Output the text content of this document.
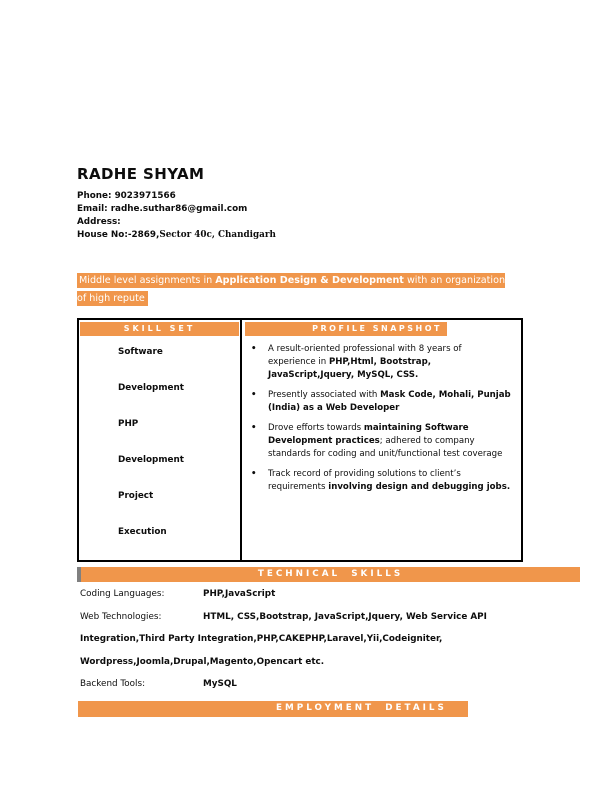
RADHE SHYAM
Phone: 9023971566
Email: radhe.suthar86@gmail.com
Address:
House No:-2869,Sector 40c, Chandigarh
Middle level assignments in Application Design & Development with an organization of high repute
SKILL SET
Software
Development
PHP
Development
Project
Execution
PROFILE SNAPSHOT
•	A result-oriented professional with 8 years of experience in PHP,Html, Bootstrap, JavaScript,Jquery, MySQL, CSS.
•	Presently associated with Mask Code, Mohali, Punjab (India) as a Web Developer
•	Drove efforts towards maintaining Software Development practices; adhered to company standards for coding and unit/functional test coverage
•	Track record of providing solutions to client’s requirements involving design and debugging jobs.
TECHNICAL SKILLS
Coding Languages:	PHP,JavaScript
Web Technologies:	HTML, CSS,Bootstrap, JavaScript,Jquery, Web Service API
Integration,Third Party Integration,PHP,CAKEPHP,Laravel,Yii,Codeigniter,
Wordpress,Joomla,Drupal,Magento,Opencart etc.
Backend Tools:	MySQL
EMPLOYMENT DETAILS
